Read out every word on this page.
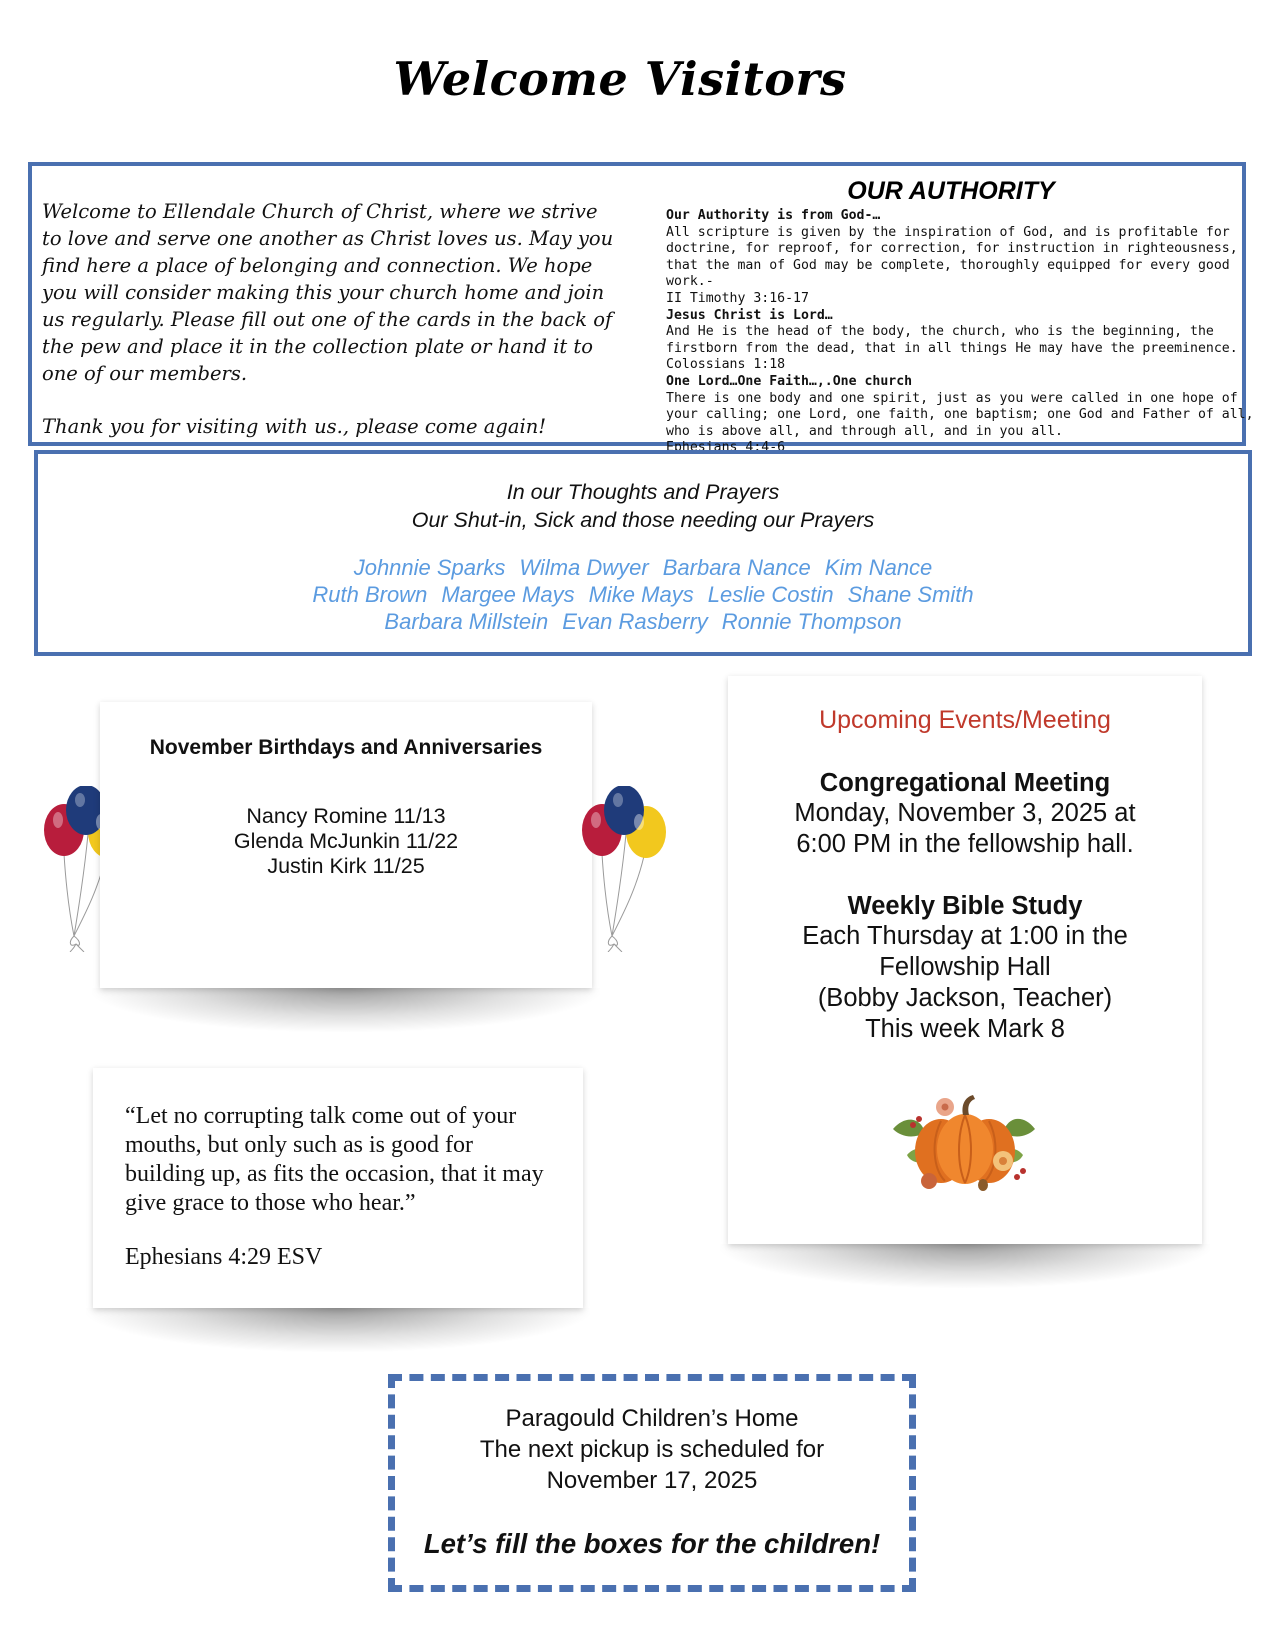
Welcome Visitors

Welcome to Ellendale Church of Christ, where we strive to love and serve one another as Christ loves us. May you find here a place of belonging and connection. We hope you will consider making this your church home and join us regularly. Please fill out one of the cards in the back of the pew and place it in the collection plate or hand it to one of our members.

Thank you for visiting with us., please come again!

OUR AUTHORITY
Our Authority is from God-…
All scripture is given by the inspiration of God, and is profitable for doctrine, for reproof, for correction, for instruction in righteousness, that the man of God may be complete, thoroughly equipped for every good work.-
II Timothy 3:16-17
Jesus Christ is Lord…
And He is the head of the body, the church, who is the beginning, the firstborn from the dead, that in all things He may have the preeminence.
Colossians 1:18
One Lord…One Faith…,.One church
There is one body and one spirit, just as you were called in one hope of your calling; one Lord, one faith, one baptism; one God and Father of all, who is above all, and through all, and in you all.
Ephesians 4:4-6
In our Thoughts and Prayers
Our Shut-in, Sick and those needing our Prayers
Johnnie Sparks Wilma Dwyer Barbara Nance Kim Nance
Ruth Brown Margee Mays Mike Mays Leslie Costin Shane Smith
Barbara Millstein Evan Rasberry Ronnie Thompson
November Birthdays and Anniversaries
Nancy Romine 11/13
Glenda McJunkin 11/22
Justin Kirk 11/25
“Let no corrupting talk come out of your mouths, but only such as is good for building up, as fits the occasion, that it may give grace to those who hear.”
Ephesians 4:29 ESV
Upcoming Events/Meeting
Congregational Meeting
Monday, November 3, 2025 at
6:00 PM in the fellowship hall.
Weekly Bible Study
Each Thursday at 1:00 in the
Fellowship Hall
(Bobby Jackson, Teacher)
This week Mark 8
Paragould Children’s Home
The next pickup is scheduled for
November 17, 2025
Let’s fill the boxes for the children!
